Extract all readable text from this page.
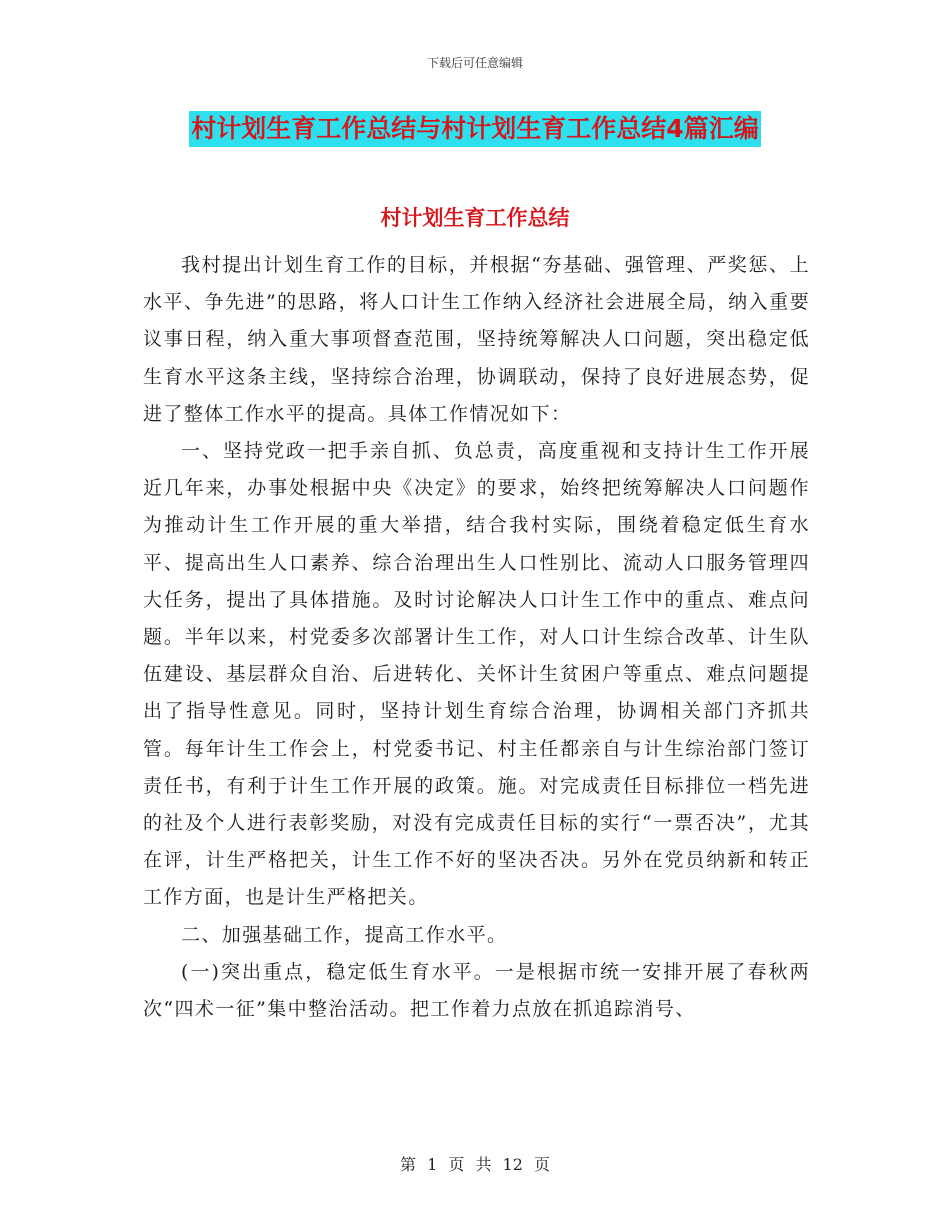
下载后可任意编辑
村计划生育工作总结与村计划生育工作总结4篇汇编
村计划生育工作总结

我村提出计划生育工作的目标，并根据“夯基础、强管理、严奖惩、上水平、争先进”的思路，将人口计生工作纳入经济社会进展全局，纳入重要议事日程，纳入重大事项督查范围，坚持统筹解决人口问题，突出稳定低生育水平这条主线，坚持综合治理，协调联动，保持了良好进展态势，促进了整体工作水平的提高。具体工作情况如下：

一、坚持党政一把手亲自抓、负总责，高度重视和支持计生工作开展近几年来，办事处根据中央《决定》的要求，始终把统筹解决人口问题作为推动计生工作开展的重大举措，结合我村实际，围绕着稳定低生育水平、提高出生人口素养、综合治理出生人口性别比、流动人口服务管理四大任务，提出了具体措施。及时讨论解决人口计生工作中的重点、难点问题。半年以来，村党委多次部署计生工作，对人口计生综合改革、计生队伍建设、基层群众自治、后进转化、关怀计生贫困户等重点、难点问题提出了指导性意见。同时，坚持计划生育综合治理，协调相关部门齐抓共管。每年计生工作会上，村党委书记、村主任都亲自与计生综治部门签订责任书，有利于计生工作开展的政策。施。对完成责任目标排位一档先进的社及个人进行表彰奖励，对没有完成责任目标的实行“一票否决”，尤其在评，计生严格把关，计生工作不好的坚决否决。另外在党员纳新和转正工作方面，也是计生严格把关。

二、加强基础工作，提高工作水平。

(一)突出重点，稳定低生育水平。一是根据市统一安排开展了春秋两次“四术一征”集中整治活动。把工作着力点放在抓追踪消号、

第 1 页 共 12 页
